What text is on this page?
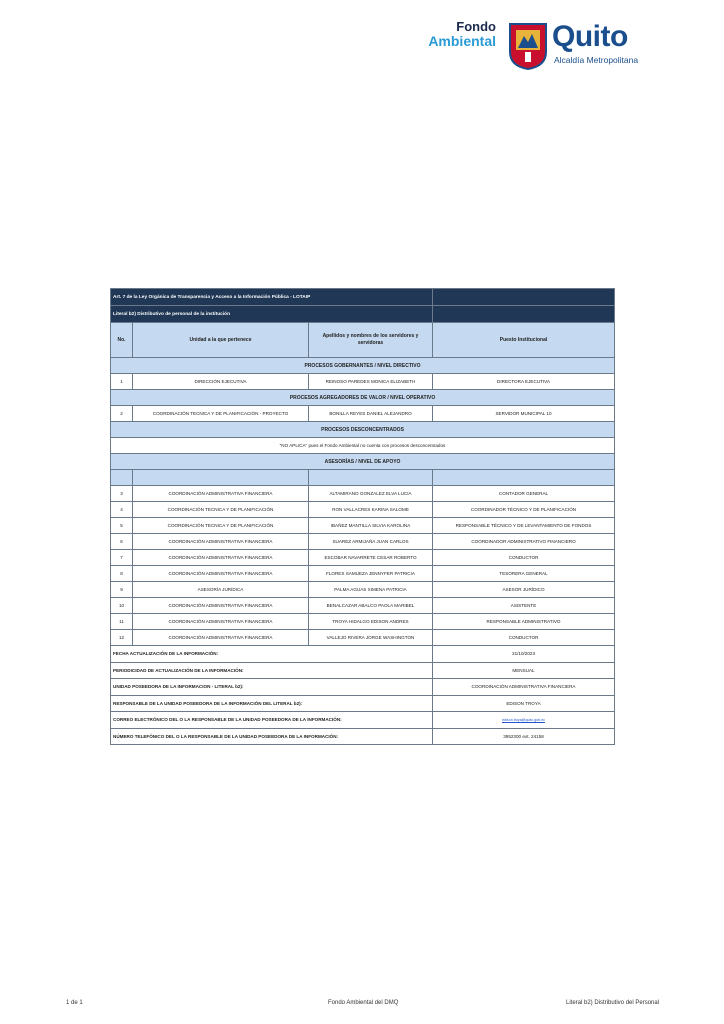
Fondo
Ambiental Quito
Alcaldía Metropolitana
Art. 7 de la Ley Orgánica de Transparencia y Acceso a la Información Pública - LOTAIP			
Literal b2) Distributivo de personal de la institución			
No.	Unidad a la que pertenece	Apellidos y nombres de los servidores y servidoras	Puesto Institucional
PROCESOS GOBERNANTES / NIVEL DIRECTIVO			
1	DIRECCIÓN EJECUTIVA	REINOSO PAREDES MONICA ELIZABETH	DIRECTORA EJECUTIVA
PROCESOS AGREGADORES DE VALOR / NIVEL OPERATIVO			
2	COORDINACIÓN TECNICA Y DE PLANIFICACIÓN - PROYECTO	BONILLA REYES DANIEL ALEJANDRO	SERVIDOR MUNICIPAL 10
PROCESOS DESCONCENTRADOS			
"NO APLICA" pues el Fondo Ambiental no cuenta con procesos desconcentrados			
ASESORÍAS / NIVEL DE APOYO			

3	COORDINACIÓN ADMINISTRATIVA FINANCIERA	ALTAMIRANO GONZALEZ ELVA LUCIA	CONTADOR GENERAL
4	COORDINACIÓN TECNICA Y DE PLANIFICACIÓN	RON VALLACRES KARINA SALOME	COORDINADOR TÉCNICO Y DE PLANIFICACIÓN
5	COORDINACIÓN TECNICA Y DE PLANIFICACIÓN	IBAÑEZ MANTILLA SILVIA KAROLINA	RESPONSABLE TÉCNICO Y DE LEVANTAMIENTO DE FONDOS
6	COORDINACIÓN ADMINISTRATIVA FINANCIERA	SUAREZ ARMIJAÑA JUAN CARLOS	COORDINADOR ADMINISTRATIVO FINANCIERO
7	COORDINACIÓN ADMINISTRATIVA FINANCIERA	ESCOBAR NAVARRETE CESAR ROBERTO	CONDUCTOR
8	COORDINACIÓN ADMINISTRATIVA FINANCIERA	FLORES SAMUEZA JENNYFER PATRICIA	TESORERA GENERAL
9	ASESORÍA JURÍDICA	PALMA AGUAS XIMENA PATRICIA	ASESOR JURÍDICO
10	COORDINACIÓN ADMINISTRATIVA FINANCIERA	BENALCAZAR ABALCO PAOLA MARIBEL	ASISTENTE
11	COORDINACIÓN ADMINISTRATIVA FINANCIERA	TROYA HIDALGO EDISON ANDRES	RESPONSABLE ADMINISTRATIVO
12	COORDINACIÓN ADMINISTRATIVA FINANCIERA	VALLEJO RIVERA JORGE WASHINGTON	CONDUCTOR
FECHA ACTUALIZACIÓN DE LA INFORMACIÓN:			31/10/2023
PERIODICIDAD DE ACTUALIZACIÓN DE LA INFORMACIÓN:			MENSUAL
UNIDAD POSEEDORA DE LA INFORMACION - LITERAL b2):			COORDINACIÓN ADMINISTRATIVA FINANCIERA
RESPONSABLE DE LA UNIDAD POSEEDORA DE LA INFORMACIÓN DEL LITERAL b2):			EDISON TROYA
CORREO ELECTRÓNICO DEL O LA RESPONSABLE DE LA UNIDAD POSEEDORA DE LA INFORMACIÓN:			edison.troya@quito.gob.ec
NÚMERO TELEFÓNICO DEL O LA RESPONSABLE DE LA UNIDAD POSEEDORA DE LA INFORMACIÓN:			3952300 ext. 24158
1 de 1	Fondo Ambiental del DMQ	Literal b2) Distributivo del Personal
